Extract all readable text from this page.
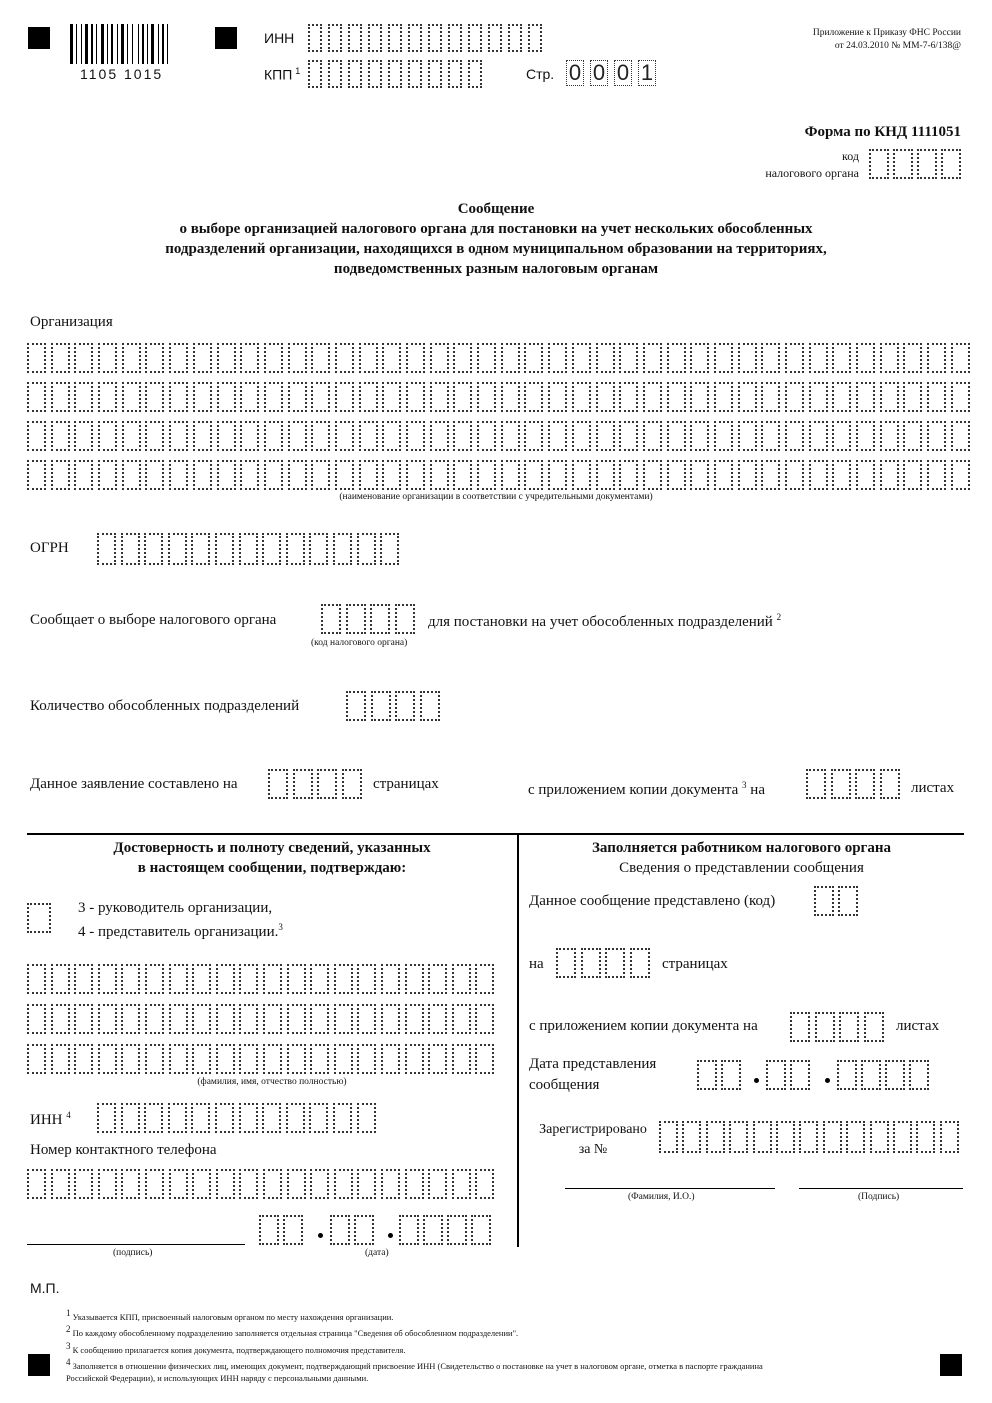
1105 1015
ИНН
КПП $^1$	Стр. 0 0 0 1
Приложение к Приказу ФНС России
от 24.03.2010 № ММ-7-6/138@
Форма по КНД 1111051
код
налогового органа
Сообщение
о выборе организацией налогового органа для постановки на учет нескольких обособленных
подразделений организации, находящихся в одном муниципальном образовании на территориях,
подведомственных разным налоговым органам
Организация
(наименование организации в соответствии с учредительными документами)
ОГРН
Сообщает о выборе налогового органа	для постановки на учет обособленных подразделений $^2$
(код налогового органа)
Количество обособленных подразделений
Данное заявление составлено на	страницах	с приложением копии документа $^3$ на	листах
Достоверность и полноту сведений, указанных
в настоящем сообщении, подтверждаю:
3 - руководитель организации,
4 - представитель организации.$^3$
(фамилия, имя, отчество полностью)
ИНН $^4$
Номер контактного телефона
(подпись)	(дата)
М.П.
Заполняется работником налогового органа
Сведения о представлении сообщения
Данное сообщение представлено (код)
на	страницах
с приложением копии документа на	листах
Дата представления
сообщения
Зарегистрировано
за №
(Фамилия, И.О.)	(Подпись)
1 Указывается КПП, присвоенный налоговым органом по месту нахождения организации.
2 По каждому обособленному подразделению заполняется отдельная страница "Сведения об обособленном подразделении".
3 К сообщению прилагается копия документа, подтверждающего полномочия представителя.
4 Заполняется в отношении физических лиц, имеющих документ, подтверждающий присвоение ИНН (Свидетельство о постановке на учет в налоговом органе, отметка в паспорте гражданина
Российской Федерации), и использующих ИНН наряду с персональными данными.
